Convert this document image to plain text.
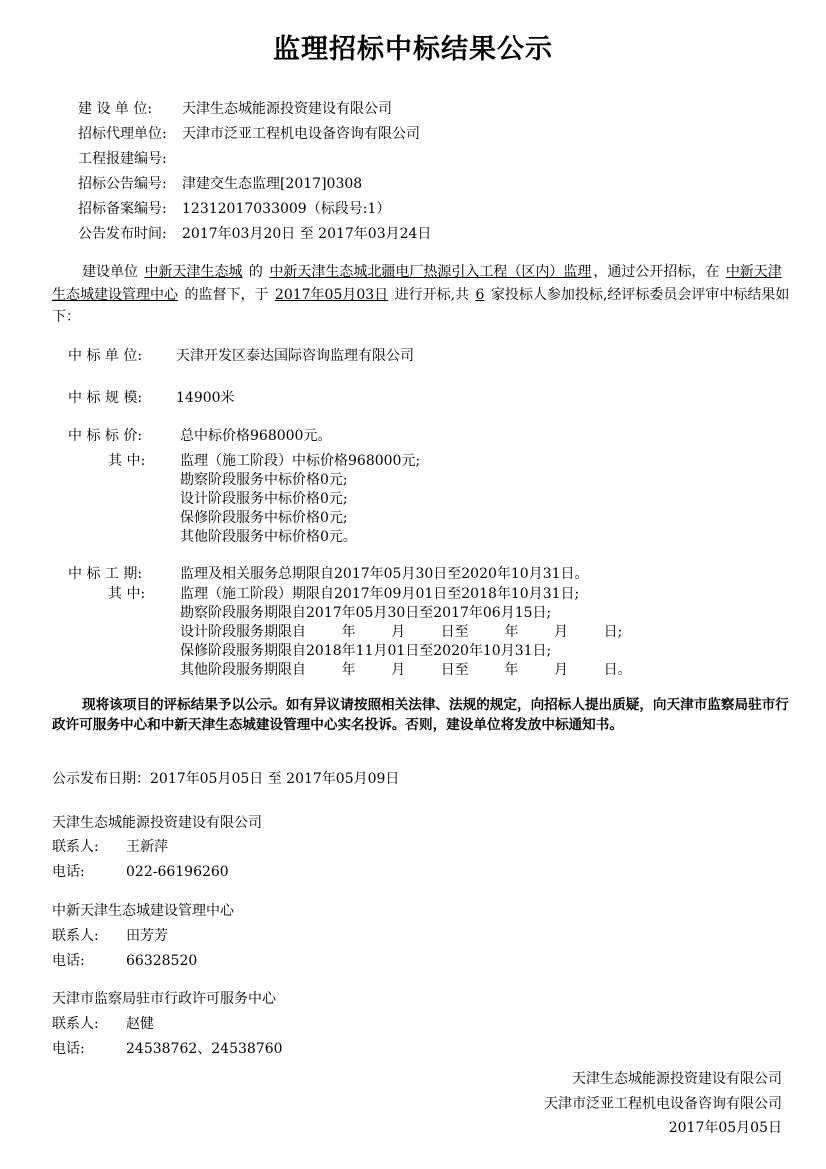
监理招标中标结果公示
建 设 单 位: 天津生态城能源投资建设有限公司
招标代理单位: 天津市泛亚工程机电设备咨询有限公司
工程报建编号:
招标公告编号: 津建交生态监理[2017]0308
招标备案编号: 12312017033009（标段号:1）
公告发布时间: 2017年03月20日 至 2017年03月24日
建设单位 中新天津生态城 的 中新天津生态城北疆电厂热源引入工程（区内）监理 ，通过公开招标，在 中新天津生态城建设管理中心 的监督下，于 2017年05月03日 进行开标,共 6 家投标人参加投标,经评标委员会评审中标结果如下：
中 标 单 位: 天津开发区泰达国际咨询监理有限公司
中 标 规 模: 14900米
中 标 标 价:	总中标价格968000元。
其 中: 监理（施工阶段）中标价格968000元;
勘察阶段服务中标价格0元;
设计阶段服务中标价格0元;
保修阶段服务中标价格0元;
其他阶段服务中标价格0元。
中 标 工 期:	监理及相关服务总期限自2017年05月30日至2020年10月31日。
其 中: 监理（施工阶段）期限自2017年09月01日至2018年10月31日;
勘察阶段服务期限自2017年05月30日至2017年06月15日;
设计阶段服务期限自        年        月        日至        年        月        日;
保修阶段服务期限自2018年11月01日至2020年10月31日;
其他阶段服务期限自        年        月        日至        年        月        日。
现将该项目的评标结果予以公示。如有异议请按照相关法律、法规的规定，向招标人提出质疑，向天津市监察局驻市行政许可服务中心和中新天津生态城建设管理中心实名投诉。否则，建设单位将发放中标通知书。
公示发布日期：2017年05月05日 至 2017年05月09日
天津生态城能源投资建设有限公司
联系人: 王新萍
电话:	022-66196260
中新天津生态城建设管理中心
联系人: 田芳芳
电话:	66328520
天津市监察局驻市行政许可服务中心
联系人: 赵健
电话:	24538762、24538760
天津生态城能源投资建设有限公司
天津市泛亚工程机电设备咨询有限公司
2017年05月05日
